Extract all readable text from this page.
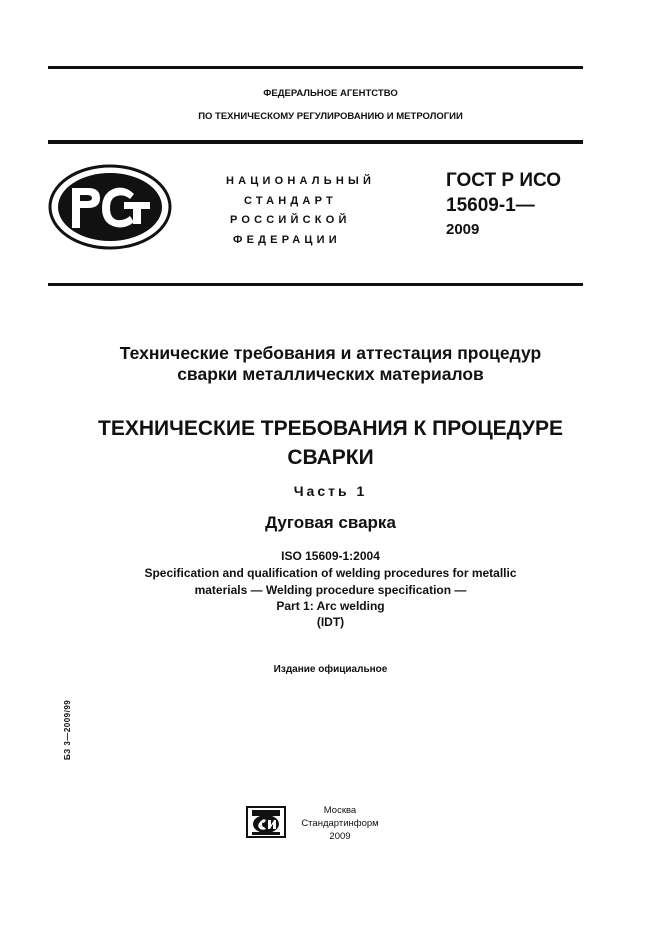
ФЕДЕРАЛЬНОЕ АГЕНТСТВО
ПО ТЕХНИЧЕСКОМУ РЕГУЛИРОВАНИЮ И МЕТРОЛОГИИ
НАЦИОНАЛЬНЫЙ
СТАНДАРТ
РОССИЙСКОЙ
ФЕДЕРАЦИИ
ГОСТ Р ИСО
15609-1—
2009
Технические требования и аттестация процедур
сварки металлических материалов
ТЕХНИЧЕСКИЕ ТРЕБОВАНИЯ К ПРОЦЕДУРЕ
СВАРКИ
Часть 1
Дуговая сварка
ISO 15609-1:2004
Specification and qualification of welding procedures for metallic
materials — Welding procedure specification —
Part 1: Arc welding
(IDT)
Издание официальное
БЗ 3—2009/99
Москва
Стандартинформ
2009
